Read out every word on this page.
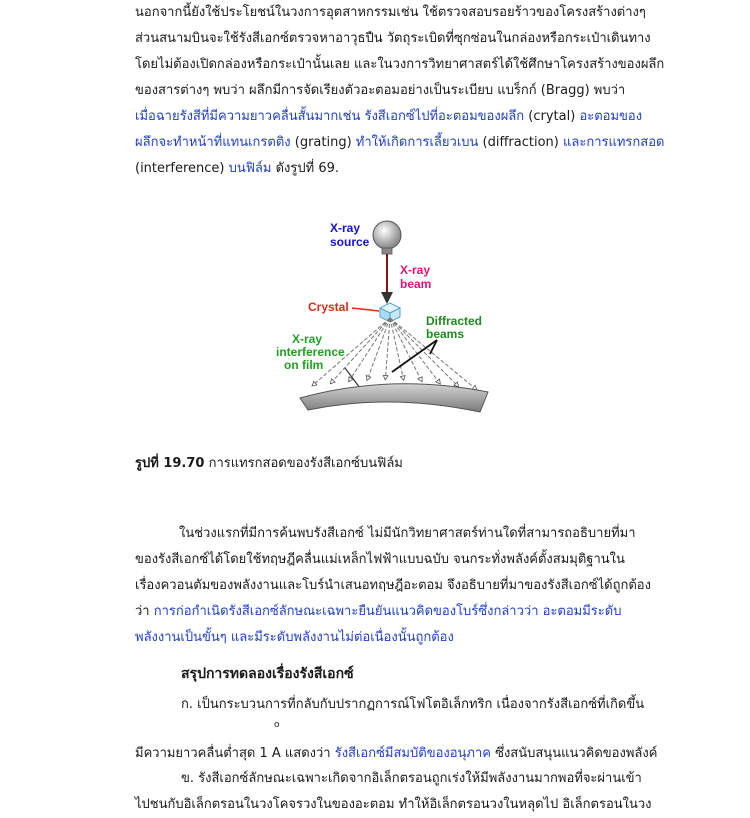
นอกจากนี้ยังใช้ประโยชน์ในวงการอุตสาหกรรมเช่น ใช้ตรวจสอบรอยร้าวของโครงสร้างต่างๆ
ส่วนสนามบินจะใช้รังสีเอกซ์ตรวจหาอาวุธปืน วัตถุระเบิดที่ซุกซ่อนในกล่องหรือกระเป๋าเดินทาง
โดยไม่ต้องเปิดกล่องหรือกระเป๋านั้นเลย และในวงการวิทยาศาสตร์ได้ใช้ศึกษาโครงสร้างของผลึก
ของสารต่างๆ พบว่า ผลึกมีการจัดเรียงตัวอะตอมอย่างเป็นระเบียบ แบร็กก์ (Bragg) พบว่า
เมื่อฉายรังสีที่มีความยาวคลื่นสั้นมากเช่น รังสีเอกซ์ไปที่อะตอมของผลึก (crytal) อะตอมของ
ผลึกจะทำหน้าที่แทนเกรตติง (grating) ทำให้เกิดการเลี้ยวเบน (diffraction) และการแทรกสอด
(interference) บนฟิล์ม ดังรูปที่ 69.
X-ray
source
X-ray
beam
Crystal
Diffracted
beams
X-ray
interference
on film
รูปที่ 19.70 การแทรกสอดของรังสีเอกซ์บนฟิล์ม
ในช่วงแรกที่มีการค้นพบรังสีเอกซ์ ไม่มีนักวิทยาศาสตร์ท่านใดที่สามารถอธิบายที่มา
ของรังสีเอกซ์ได้โดยใช้ทฤษฎีคลื่นแม่เหล็กไฟฟ้าแบบฉบับ จนกระทั่งพลังค์ตั้งสมมุติฐานใน
เรื่องควอนตัมของพลังงานและโบร์นำเสนอทฤษฎีอะตอม จึงอธิบายที่มาของรังสีเอกซ์ได้ถูกต้อง
ว่า การก่อกำเนิดรังสีเอกซ์ลักษณะเฉพาะยืนยันแนวคิดของโบร์ซึ่งกล่าวว่า อะตอมมีระดับ
พลังงานเป็นขั้นๆ และมีระดับพลังงานไม่ต่อเนื่องนั้นถูกต้อง
สรุปการทดลองเรื่องรังสีเอกซ์
ก. เป็นกระบวนการที่กลับกับปรากฏการณ์โฟโตอิเล็กทริก เนื่องจากรังสีเอกซ์ที่เกิดขึ้น
มีความยาวคลื่นต่ำสุด 1 A
o
แสดงว่า รังสีเอกซ์มีสมบัติของอนุภาค ซึ่งสนับสนุนแนวคิดของพลังค์
ข. รังสีเอกซ์ลักษณะเฉพาะเกิดจากอิเล็กตรอนถูกเร่งให้มีพลังงานมากพอที่จะผ่านเข้า
ไปชนกับอิเล็กตรอนในวงโคจรวงในของอะตอม ทำให้อิเล็กตรอนวงในหลุดไป อิเล็กตรอนในวง
